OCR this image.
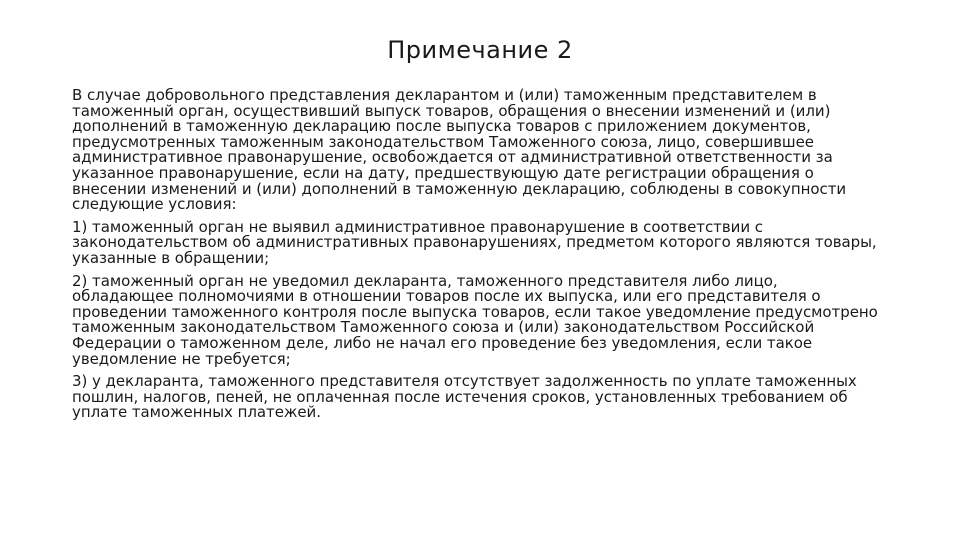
Примечание 2

В случае добровольного представления декларантом и (или) таможенным представителем в таможенный орган, осуществивший выпуск товаров, обращения о внесении изменений и (или) дополнений в таможенную декларацию после выпуска товаров с приложением документов, предусмотренных таможенным законодательством Таможенного союза, лицо, совершившее административное правонарушение, освобождается от административной ответственности за указанное правонарушение, если на дату, предшествующую дате регистрации обращения о внесении изменений и (или) дополнений в таможенную декларацию, соблюдены в совокупности следующие условия:

1) таможенный орган не выявил административное правонарушение в соответствии с законодательством об административных правонарушениях, предметом которого являются товары, указанные в обращении;

2) таможенный орган не уведомил декларанта, таможенного представителя либо лицо, обладающее полномочиями в отношении товаров после их выпуска, или его представителя о проведении таможенного контроля после выпуска товаров, если такое уведомление предусмотрено таможенным законодательством Таможенного союза и (или) законодательством Российской Федерации о таможенном деле, либо не начал его проведение без уведомления, если такое уведомление не требуется;

3) у декларанта, таможенного представителя отсутствует задолженность по уплате таможенных пошлин, налогов, пеней, не оплаченная после истечения сроков, установленных требованием об уплате таможенных платежей.
